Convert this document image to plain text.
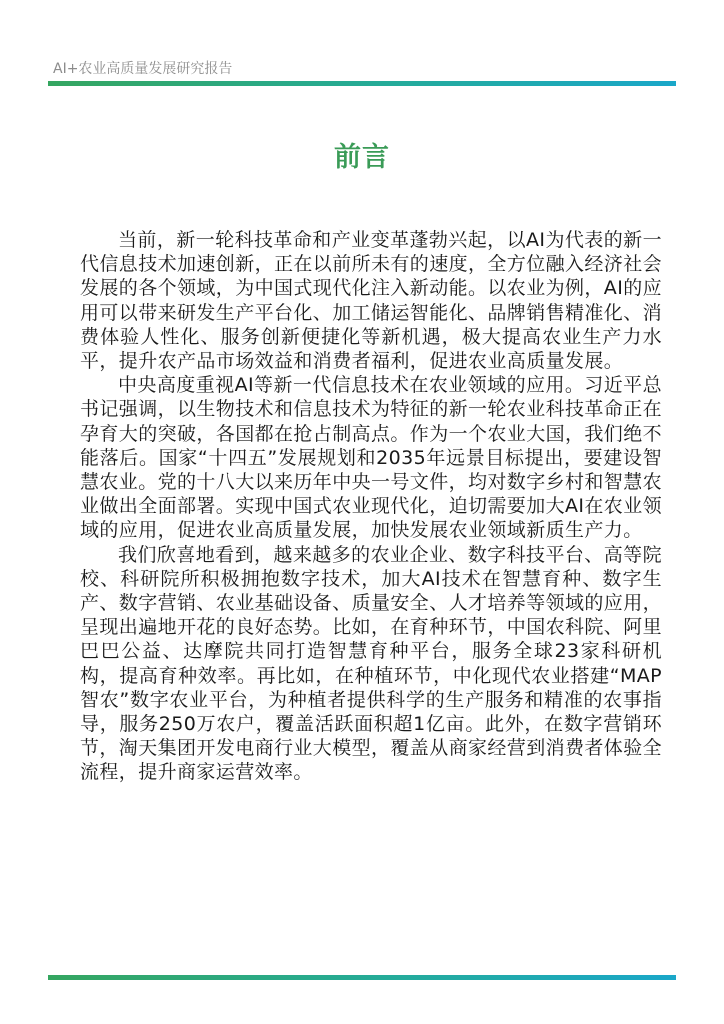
AI+农业高质量发展研究报告
前言

当前，新一轮科技革命和产业变革蓬勃兴起，以AI为代表的新一代信息技术加速创新，正在以前所未有的速度，全方位融入经济社会发展的各个领域，为中国式现代化注入新动能。以农业为例，AI的应用可以带来研发生产平台化、加工储运智能化、品牌销售精准化、消费体验人性化、服务创新便捷化等新机遇，极大提高农业生产力水平，提升农产品市场效益和消费者福利，促进农业高质量发展。

中央高度重视AI等新一代信息技术在农业领域的应用。习近平总书记强调，以生物技术和信息技术为特征的新一轮农业科技革命正在孕育大的突破，各国都在抢占制高点。作为一个农业大国，我们绝不能落后。国家“十四五”发展规划和2035年远景目标提出，要建设智慧农业。党的十八大以来历年中央一号文件，均对数字乡村和智慧农业做出全面部署。实现中国式农业现代化，迫切需要加大AI在农业领域的应用，促进农业高质量发展，加快发展农业领域新质生产力。

我们欣喜地看到，越来越多的农业企业、数字科技平台、高等院校、科研院所积极拥抱数字技术，加大AI技术在智慧育种、数字生产、数字营销、农业基础设备、质量安全、人才培养等领域的应用，呈现出遍地开花的良好态势。比如，在育种环节，中国农科院、阿里巴巴公益、达摩院共同打造智慧育种平台，服务全球23家科研机构，提高育种效率。再比如，在种植环节，中化现代农业搭建“MAP智农”数字农业平台，为种植者提供科学的生产服务和精准的农事指导，服务250万农户，覆盖活跃面积超1亿亩。此外，在数字营销环节，淘天集团开发电商行业大模型，覆盖从商家经营到消费者体验全流程，提升商家运营效率。
